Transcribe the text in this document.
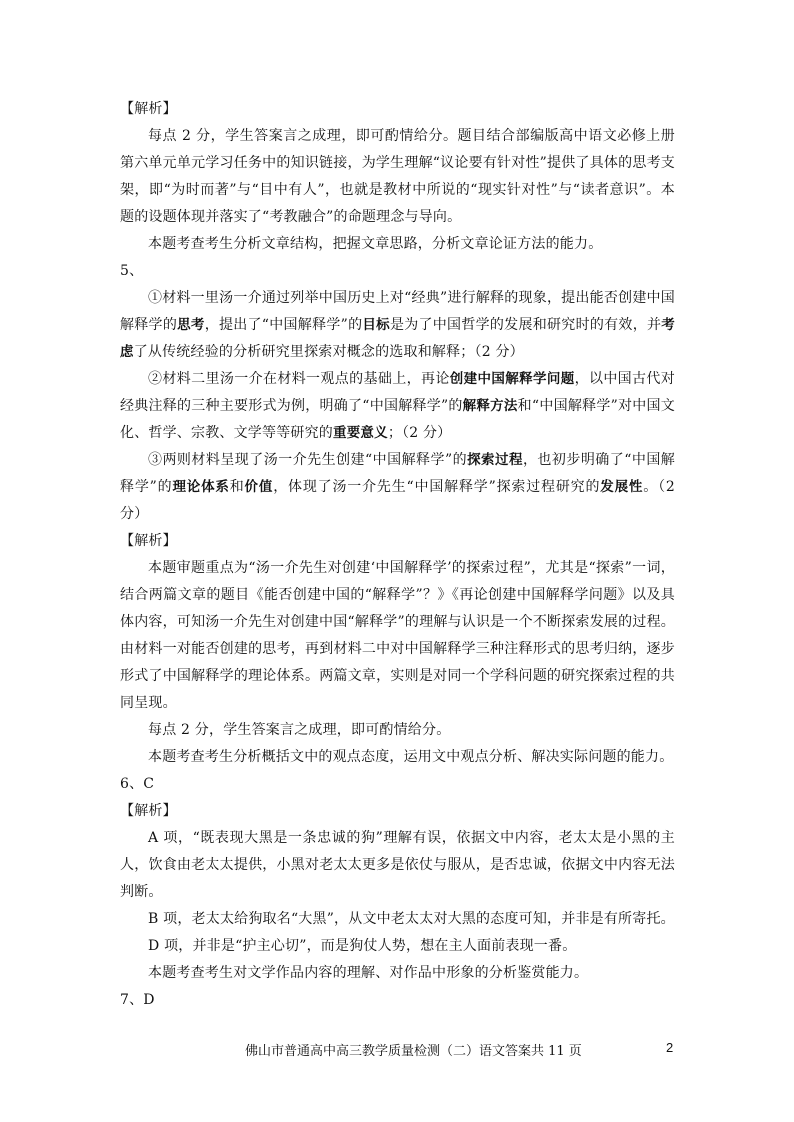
【解析】

每点 2 分，学生答案言之成理，即可酌情给分。题目结合部编版高中语文必修上册第六单元单元学习任务中的知识链接，为学生理解“议论要有针对性”提供了具体的思考支架，即“为时而著”与“目中有人”，也就是教材中所说的“现实针对性”与“读者意识”。本题的设题体现并落实了“考教融合”的命题理念与导向。

本题考查考生分析文章结构，把握文章思路，分析文章论证方法的能力。

5、

①材料一里汤一介通过列举中国历史上对“经典”进行解释的现象，提出能否创建中国解释学的思考，提出了“中国解释学”的目标是为了中国哲学的发展和研究时的有效，并考虑了从传统经验的分析研究里探索对概念的选取和解释；（2 分）

②材料二里汤一介在材料一观点的基础上，再论创建中国解释学问题，以中国古代对经典注释的三种主要形式为例，明确了“中国解释学”的解释方法和“中国解释学”对中国文化、哲学、宗教、文学等等研究的重要意义；（2 分）

③两则材料呈现了汤一介先生创建“中国解释学”的探索过程，也初步明确了“中国解释学”的理论体系和价值，体现了汤一介先生“中国解释学”探索过程研究的发展性。（2 分）

【解析】

本题审题重点为“汤一介先生对创建‘中国解释学’的探索过程”，尤其是“探索”一词，结合两篇文章的题目《能否创建中国的“解释学”？》《再论创建中国解释学问题》以及具体内容，可知汤一介先生对创建中国“解释学”的理解与认识是一个不断探索发展的过程。由材料一对能否创建的思考，再到材料二中对中国解释学三种注释形式的思考归纳，逐步形式了中国解释学的理论体系。两篇文章，实则是对同一个学科问题的研究探索过程的共同呈现。

每点 2 分，学生答案言之成理，即可酌情给分。

本题考查考生分析概括文中的观点态度，运用文中观点分析、解决实际问题的能力。

6、C

【解析】

A 项，“既表现大黑是一条忠诚的狗”理解有误，依据文中内容，老太太是小黑的主人，饮食由老太太提供，小黑对老太太更多是依仗与服从，是否忠诚，依据文中内容无法判断。

B 项，老太太给狗取名“大黑”，从文中老太太对大黑的态度可知，并非是有所寄托。

D 项，并非是“护主心切”，而是狗仗人势，想在主人面前表现一番。

本题考查考生对文学作品内容的理解、对作品中形象的分析鉴赏能力。

7、D

佛山市普通高中高三教学质量检测（二）语文答案共 11 页	2
